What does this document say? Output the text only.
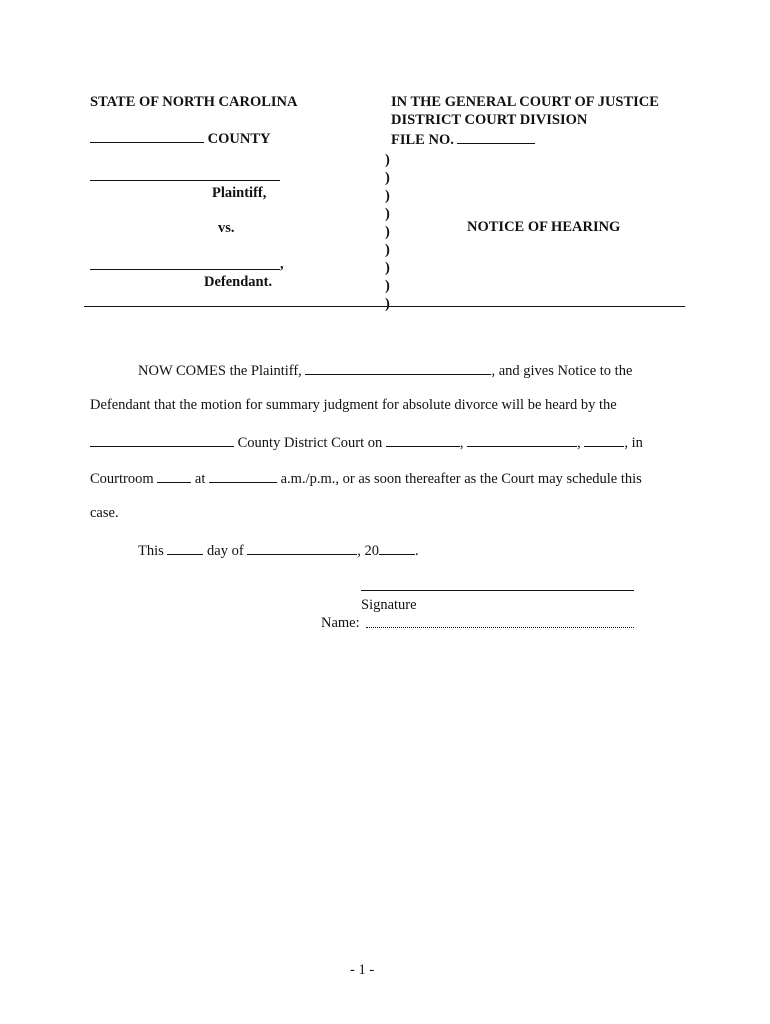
STATE OF NORTH CAROLINA
COUNTY
IN THE GENERAL COURT OF JUSTICE
DISTRICT COURT DIVISION
FILE NO.
)
)
)
)
)
)
)
)
)
Plaintiff,
vs.
,
Defendant.
NOTICE OF HEARING
NOW COMES the Plaintiff,	, and gives Notice to the
Defendant that the motion for summary judgment for absolute divorce will be heard by the
County District Court on	,	,	, in
Courtroom	at	a.m./p.m., or as soon thereafter as the Court may schedule this
case.
This	day of	, 20 .
Signature
Name:
- 1 -
